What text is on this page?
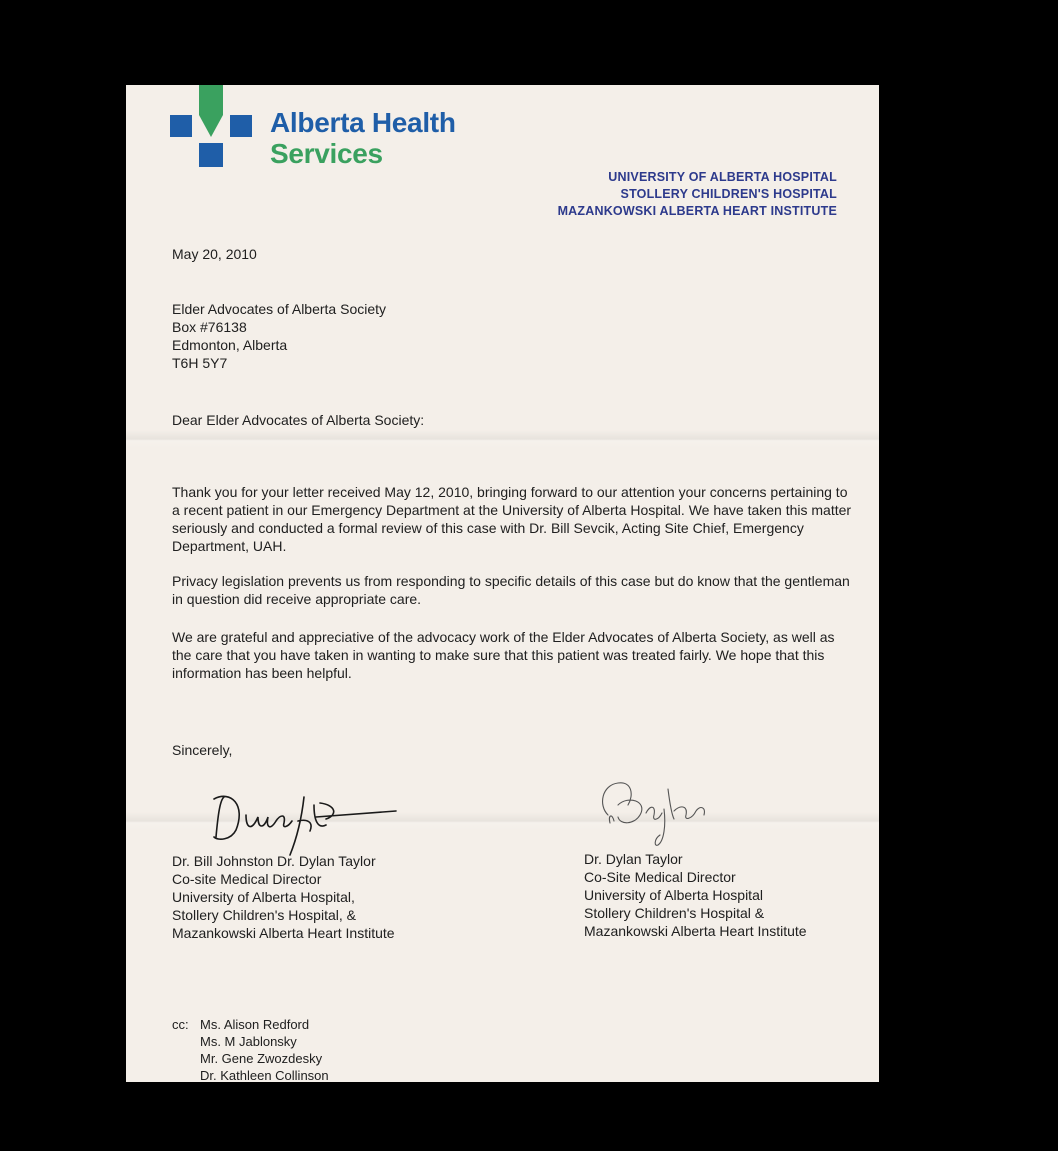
Alberta Health
Services
UNIVERSITY OF ALBERTA HOSPITAL
STOLLERY CHILDREN'S HOSPITAL
MAZANKOWSKI ALBERTA HEART INSTITUTE
May 20, 2010
Elder Advocates of Alberta Society
Box #76138
Edmonton, Alberta
T6H 5Y7
Dear Elder Advocates of Alberta Society:
Thank you for your letter received May 12, 2010, bringing forward to our attention your concerns pertaining to a recent patient in our Emergency Department at the University of Alberta Hospital. We have taken this matter seriously and conducted a formal review of this case with Dr. Bill Sevcik, Acting Site Chief, Emergency Department, UAH.
Privacy legislation prevents us from responding to specific details of this case but do know that the gentleman in question did receive appropriate care.
We are grateful and appreciative of the advocacy work of the Elder Advocates of Alberta Society, as well as the care that you have taken in wanting to make sure that this patient was treated fairly. We hope that this information has been helpful.
Sincerely,
Dr. Bill Johnston Dr. Dylan Taylor
Co-site Medical Director
University of Alberta Hospital,
Stollery Children's Hospital, &
Mazankowski Alberta Heart Institute
Dr. Dylan Taylor
Co-Site Medical Director
University of Alberta Hospital
Stollery Children's Hospital &
Mazankowski Alberta Heart Institute
cc: Ms. Alison Redford
Ms. M Jablonsky
Mr. Gene Zwozdesky
Dr. Kathleen Collinson
